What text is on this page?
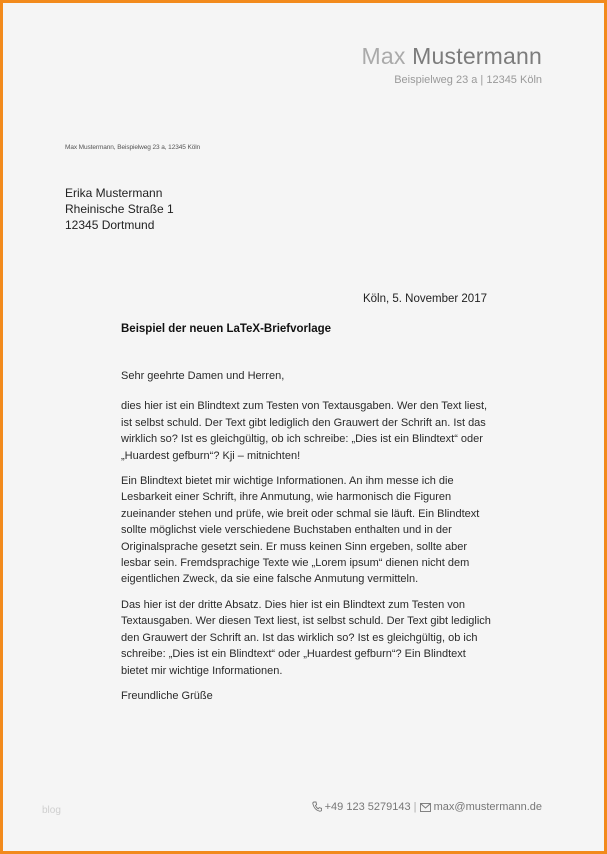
Max Mustermann
Beispielweg 23 a | 12345 Köln
Max Mustermann, Beispielweg 23 a, 12345 Köln
Erika Mustermann
Rheinische Straße 1
12345 Dortmund
Köln, 5. November 2017
Beispiel der neuen LaTeX-Briefvorlage

Sehr geehrte Damen und Herren,

dies hier ist ein Blindtext zum Testen von Textausgaben. Wer den Text liest, ist selbst schuld. Der Text gibt lediglich den Grauwert der Schrift an. Ist das wirklich so? Ist es gleichgültig, ob ich schreibe: „Dies ist ein Blindtext“ oder „Huardest gefburn“? Kji – mitnichten!

Ein Blindtext bietet mir wichtige Informationen. An ihm messe ich die Lesbarkeit einer Schrift, ihre Anmutung, wie harmonisch die Figuren zueinander stehen und prüfe, wie breit oder schmal sie läuft. Ein Blindtext sollte möglichst viele verschiedene Buchstaben enthalten und in der Originalsprache gesetzt sein. Er muss keinen Sinn ergeben, sollte aber lesbar sein. Fremdsprachige Texte wie „Lorem ipsum“ dienen nicht dem eigentlichen Zweck, da sie eine falsche Anmutung vermitteln.

Das hier ist der dritte Absatz. Dies hier ist ein Blindtext zum Testen von Textausgaben. Wer diesen Text liest, ist selbst schuld. Der Text gibt lediglich den Grauwert der Schrift an. Ist das wirklich so? Ist es gleichgültig, ob ich schreibe: „Dies ist ein Blindtext“ oder „Huardest gefburn“? Ein Blindtext bietet mir wichtige Informationen.

Freundliche Grüße

blog	+49 123 5279143 | max@mustermann.de
